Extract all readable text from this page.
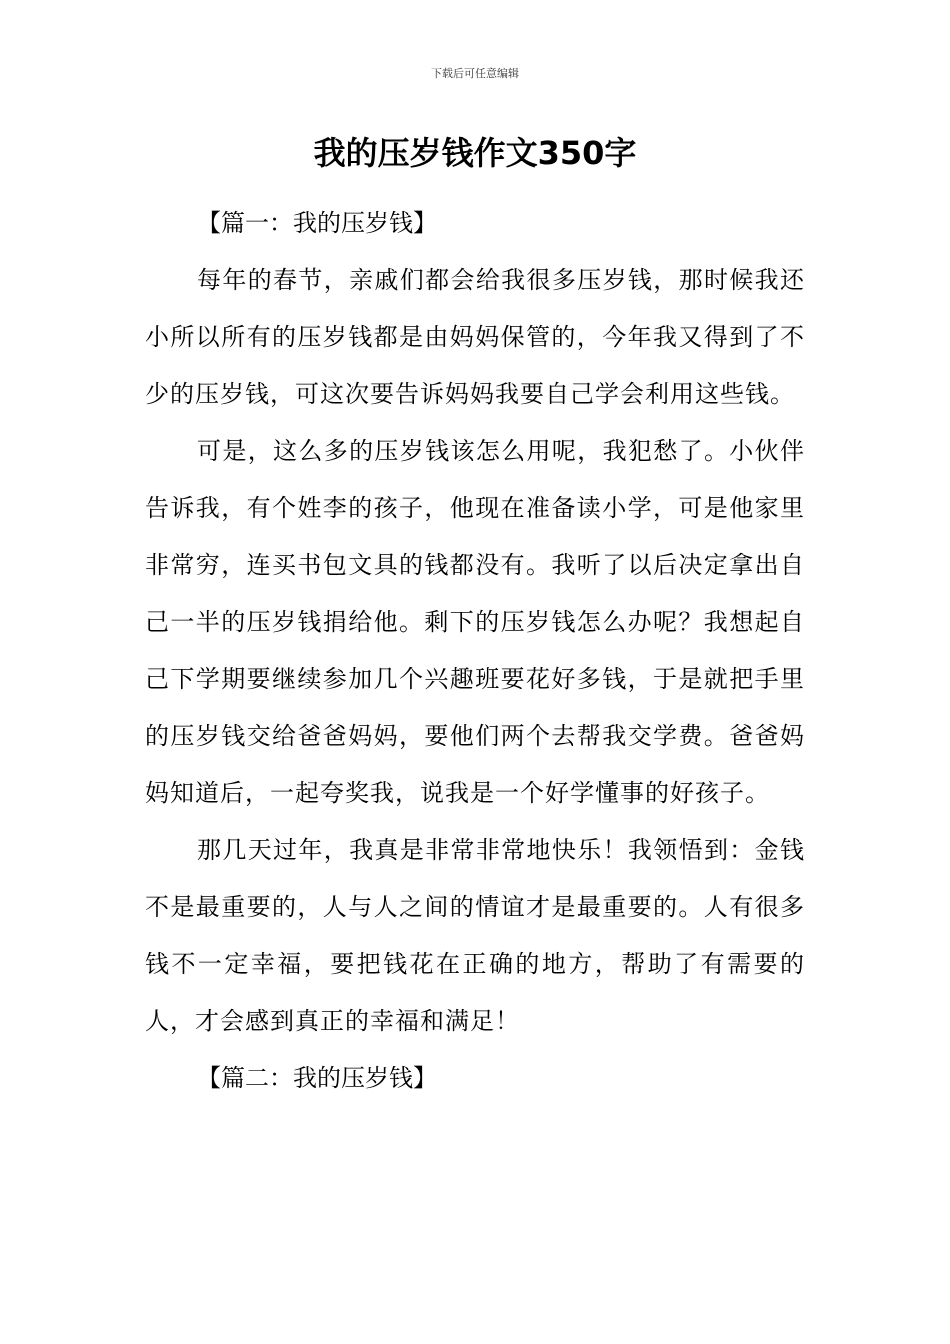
下载后可任意编辑
我的压岁钱作文350字

【篇一：我的压岁钱】

每年的春节，亲戚们都会给我很多压岁钱，那时候我还小所以所有的压岁钱都是由妈妈保管的，今年我又得到了不少的压岁钱，可这次要告诉妈妈我要自己学会利用这些钱。

可是，这么多的压岁钱该怎么用呢，我犯愁了。小伙伴告诉我，有个姓李的孩子，他现在准备读小学，可是他家里非常穷，连买书包文具的钱都没有。我听了以后决定拿出自己一半的压岁钱捐给他。剩下的压岁钱怎么办呢？我想起自己下学期要继续参加几个兴趣班要花好多钱，于是就把手里的压岁钱交给爸爸妈妈，要他们两个去帮我交学费。爸爸妈妈知道后，一起夸奖我，说我是一个好学懂事的好孩子。

那几天过年，我真是非常非常地快乐！我领悟到：金钱不是最重要的，人与人之间的情谊才是最重要的。人有很多钱不一定幸福，要把钱花在正确的地方，帮助了有需要的人，才会感到真正的幸福和满足！

【篇二：我的压岁钱】
